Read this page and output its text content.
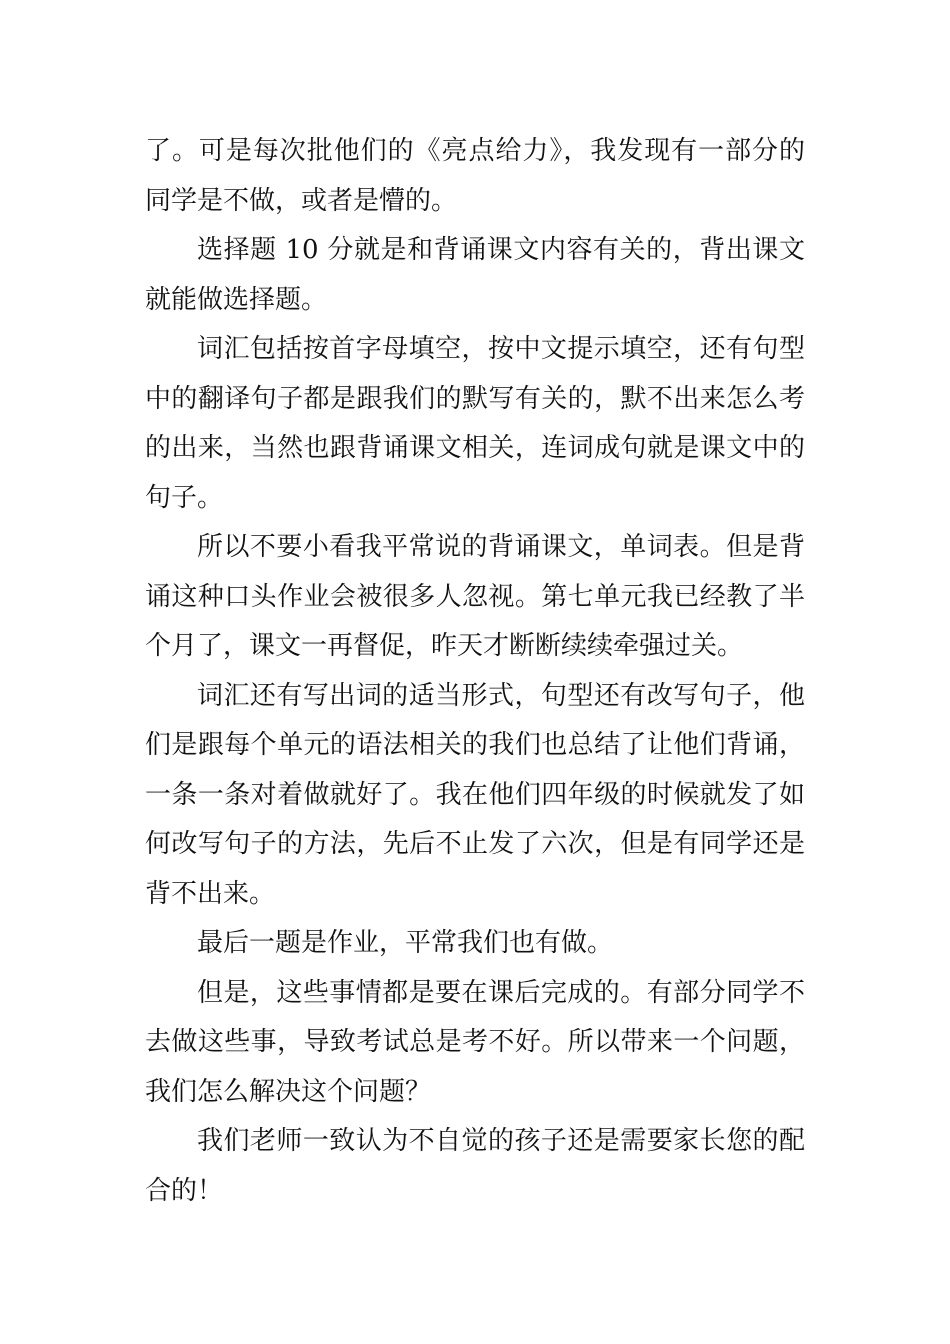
了。可是每次批他们的《亮点给力》，我发现有一部分的同学是不做，或者是懵的。

选择题 10 分就是和背诵课文内容有关的，背出课文就能做选择题。

词汇包括按首字母填空，按中文提示填空，还有句型中的翻译句子都是跟我们的默写有关的，默不出来怎么考的出来，当然也跟背诵课文相关，连词成句就是课文中的句子。

所以不要小看我平常说的背诵课文，单词表。但是背诵这种口头作业会被很多人忽视。第七单元我已经教了半个月了，课文一再督促，昨天才断断续续牵强过关。

词汇还有写出词的适当形式，句型还有改写句子，他们是跟每个单元的语法相关的我们也总结了让他们背诵，一条一条对着做就好了。我在他们四年级的时候就发了如何改写句子的方法，先后不止发了六次，但是有同学还是背不出来。

最后一题是作业，平常我们也有做。

但是，这些事情都是要在课后完成的。有部分同学不去做这些事，导致考试总是考不好。所以带来一个问题，我们怎么解决这个问题？

我们老师一致认为不自觉的孩子还是需要家长您的配合的！
